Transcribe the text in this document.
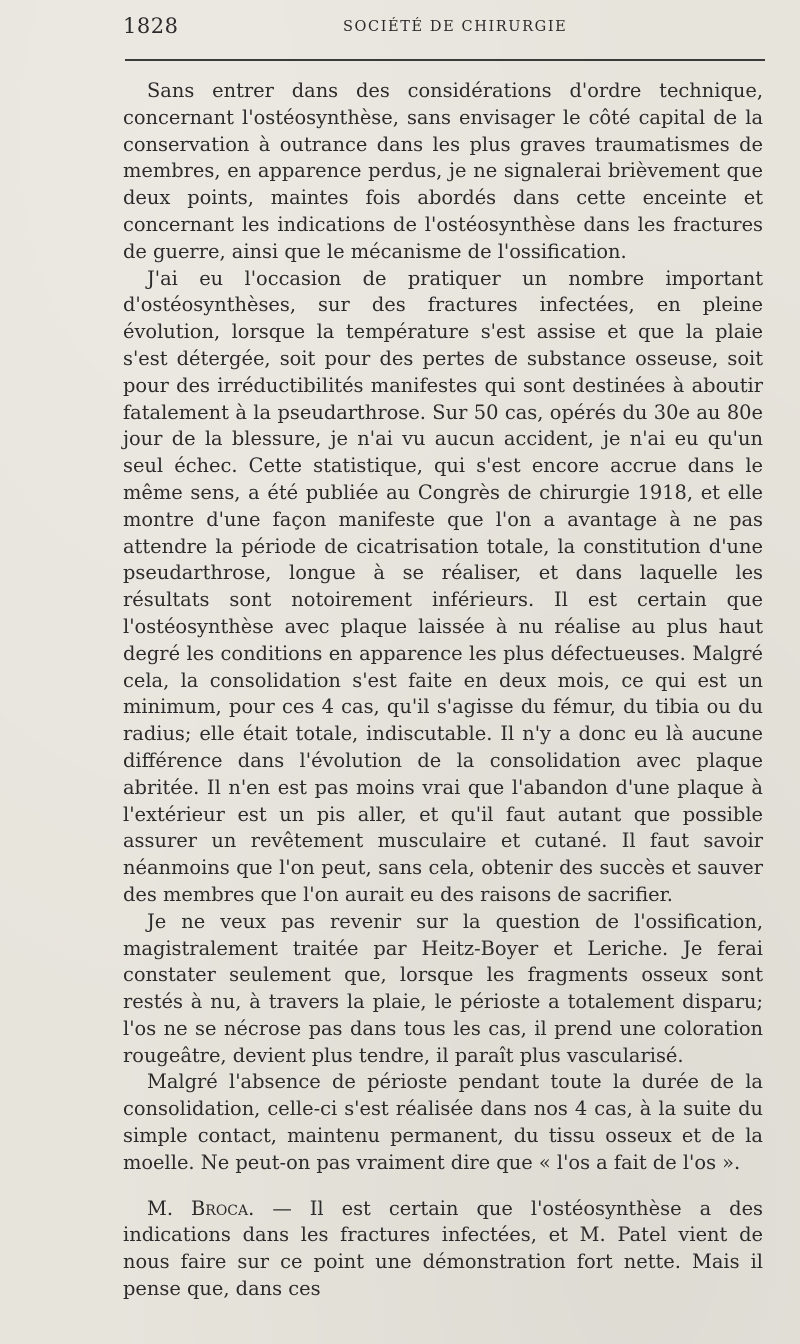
1828	SOCIÉTÉ DE CHIRURGIE

Sans entrer dans des considérations d'ordre technique, concernant l'ostéosynthèse, sans envisager le côté capital de la conservation à outrance dans les plus graves traumatismes de membres, en apparence perdus, je ne signalerai brièvement que deux points, maintes fois abordés dans cette enceinte et concernant les indications de l'ostéosynthèse dans les fractures de guerre, ainsi que le mécanisme de l'ossification.

J'ai eu l'occasion de pratiquer un nombre important d'ostéosynthèses, sur des fractures infectées, en pleine évolution, lorsque la température s'est assise et que la plaie s'est détergée, soit pour des pertes de substance osseuse, soit pour des irréductibilités manifestes qui sont destinées à aboutir fatalement à la pseudarthrose. Sur 50 cas, opérés du 30e au 80e jour de la blessure, je n'ai vu aucun accident, je n'ai eu qu'un seul échec. Cette statistique, qui s'est encore accrue dans le même sens, a été publiée au Congrès de chirurgie 1918, et elle montre d'une façon manifeste que l'on a avantage à ne pas attendre la période de cicatrisation totale, la constitution d'une pseudarthrose, longue à se réaliser, et dans laquelle les résultats sont notoirement inférieurs. Il est certain que l'ostéosynthèse avec plaque laissée à nu réalise au plus haut degré les conditions en apparence les plus défectueuses. Malgré cela, la consolidation s'est faite en deux mois, ce qui est un minimum, pour ces 4 cas, qu'il s'agisse du fémur, du tibia ou du radius; elle était totale, indiscutable. Il n'y a donc eu là aucune différence dans l'évolution de la consolidation avec plaque abritée. Il n'en est pas moins vrai que l'abandon d'une plaque à l'extérieur est un pis aller, et qu'il faut autant que possible assurer un revêtement musculaire et cutané. Il faut savoir néanmoins que l'on peut, sans cela, obtenir des succès et sauver des membres que l'on aurait eu des raisons de sacrifier.

Je ne veux pas revenir sur la question de l'ossification, magistralement traitée par Heitz-Boyer et Leriche. Je ferai constater seulement que, lorsque les fragments osseux sont restés à nu, à travers la plaie, le périoste a totalement disparu; l'os ne se nécrose pas dans tous les cas, il prend une coloration rougeâtre, devient plus tendre, il paraît plus vascularisé.

Malgré l'absence de périoste pendant toute la durée de la consolidation, celle-ci s'est réalisée dans nos 4 cas, à la suite du simple contact, maintenu permanent, du tissu osseux et de la moelle. Ne peut-on pas vraiment dire que « l'os a fait de l'os ».

M. Broca. — Il est certain que l'ostéosynthèse a des indications dans les fractures infectées, et M. Patel vient de nous faire sur ce point une démonstration fort nette. Mais il pense que, dans ces
